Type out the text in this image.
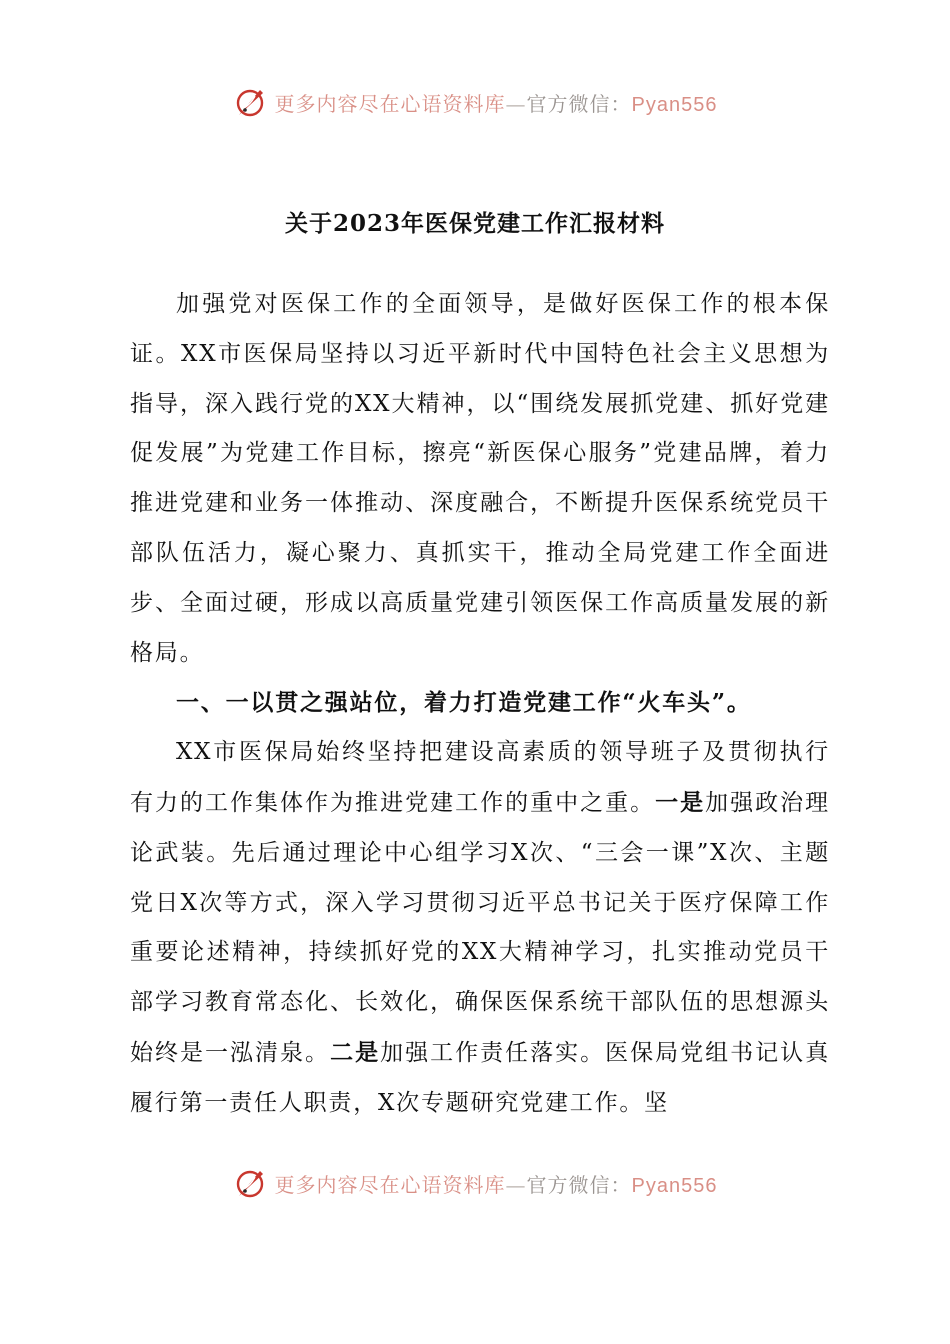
更多内容尽在心语资料库—官方微信：Pyan556
关于2023年医保党建工作汇报材料

加强党对医保工作的全面领导，是做好医保工作的根本保证。XX市医保局坚持以习近平新时代中国特色社会主义思想为指导，深入践行党的XX大精神，以“围绕发展抓党建、抓好党建促发展”为党建工作目标，擦亮“新医保心服务”党建品牌，着力推进党建和业务一体推动、深度融合，不断提升医保系统党员干部队伍活力，凝心聚力、真抓实干，推动全局党建工作全面进步、全面过硬，形成以高质量党建引领医保工作高质量发展的新格局。

一、一以贯之强站位，着力打造党建工作“火车头”。

XX市医保局始终坚持把建设高素质的领导班子及贯彻执行有力的工作集体作为推进党建工作的重中之重。一是加强政治理论武装。先后通过理论中心组学习X次、“三会一课”X次、主题党日X次等方式，深入学习贯彻习近平总书记关于医疗保障工作重要论述精神，持续抓好党的XX大精神学习，扎实推动党员干部学习教育常态化、长效化，确保医保系统干部队伍的思想源头始终是一泓清泉。二是加强工作责任落实。医保局党组书记认真履行第一责任人职责，X次专题研究党建工作。坚

更多内容尽在心语资料库—官方微信：Pyan556
